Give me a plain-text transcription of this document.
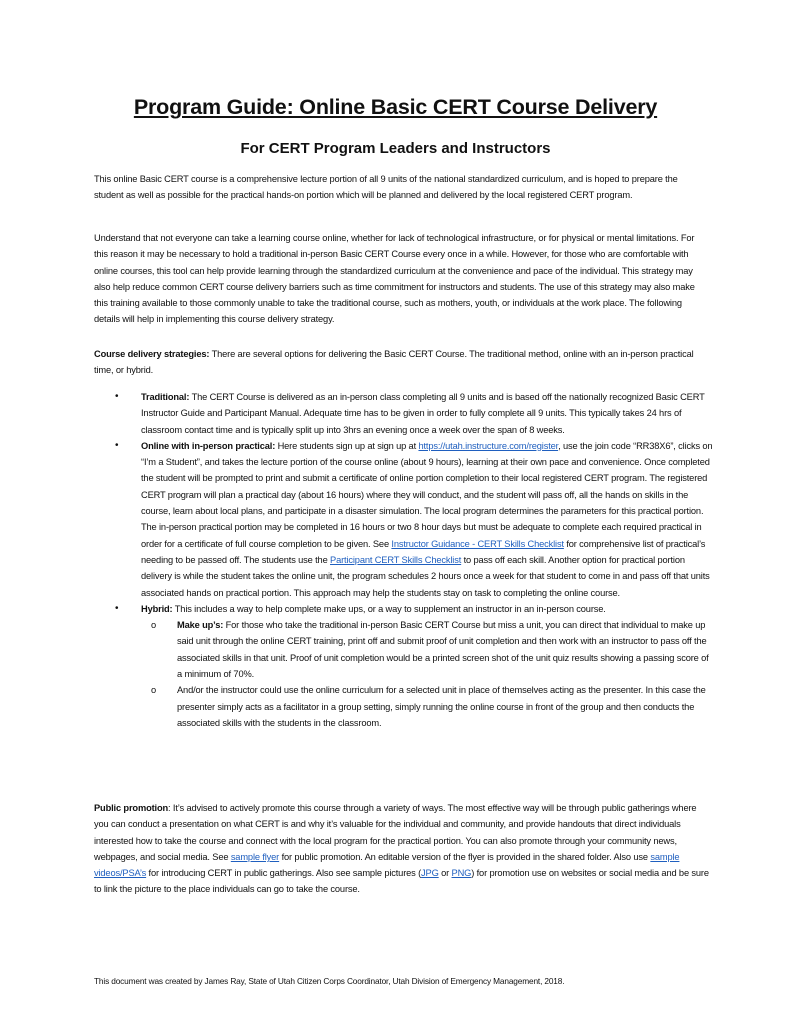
Program Guide: Online Basic CERT Course Delivery
For CERT Program Leaders and Instructors

This online Basic CERT course is a comprehensive lecture portion of all 9 units of the national standardized curriculum, and is hoped to prepare the student as well as possible for the practical hands-on portion which will be planned and delivered by the local registered CERT program.

Understand that not everyone can take a learning course online, whether for lack of technological infrastructure, or for physical or mental limitations. For this reason it may be necessary to hold a traditional in-person Basic CERT Course every once in a while. However, for those who are comfortable with online courses, this tool can help provide learning through the standardized curriculum at the convenience and pace of the individual. This strategy may also help reduce common CERT course delivery barriers such as time commitment for instructors and students. The use of this strategy may also make this training available to those commonly unable to take the traditional course, such as mothers, youth, or individuals at the work place. The following details will help in implementing this course delivery strategy.

Course delivery strategies: There are several options for delivering the Basic CERT Course. The traditional method, online with an in-person practical time, or hybrid.

• Traditional: The CERT Course is delivered as an in-person class completing all 9 units and is based off the nationally recognized Basic CERT Instructor Guide and Participant Manual. Adequate time has to be given in order to fully complete all 9 units. This typically takes 24 hrs of classroom contact time and is typically split up into 3hrs an evening once a week over the span of 8 weeks.
• Online with in-person practical: Here students sign up at sign up at https://utah.instructure.com/register, use the join code “RR38X6”, clicks on “I’m a Student”, and takes the lecture portion of the course online (about 9 hours), learning at their own pace and convenience. Once completed the student will be prompted to print and submit a certificate of online portion completion to their local registered CERT program. The registered CERT program will plan a practical day (about 16 hours) where they will conduct, and the student will pass off, all the hands on skills in the course, learn about local plans, and participate in a disaster simulation. The local program determines the parameters for this practical portion. The in-person practical portion may be completed in 16 hours or two 8 hour days but must be adequate to complete each required practical in order for a certificate of full course completion to be given. See Instructor Guidance - CERT Skills Checklist for comprehensive list of practical’s needing to be passed off. The students use the Participant CERT Skills Checklist to pass off each skill. Another option for practical portion delivery is while the student takes the online unit, the program schedules 2 hours once a week for that student to come in and pass off that units associated hands on practical portion. This approach may help the students stay on task to completing the online course.
• Hybrid: This includes a way to help complete make ups, or a way to supplement an instructor in an in-person course.
o Make up’s: For those who take the traditional in-person Basic CERT Course but miss a unit, you can direct that individual to make up said unit through the online CERT training, print off and submit proof of unit completion and then work with an instructor to pass off the associated skills in that unit. Proof of unit completion would be a printed screen shot of the unit quiz results showing a passing score of a minimum of 70%.
o And/or the instructor could use the online curriculum for a selected unit in place of themselves acting as the presenter. In this case the presenter simply acts as a facilitator in a group setting, simply running the online course in front of the group and then conducts the associated skills with the students in the classroom.

Public promotion: It’s advised to actively promote this course through a variety of ways. The most effective way will be through public gatherings where you can conduct a presentation on what CERT is and why it’s valuable for the individual and community, and provide handouts that direct individuals interested how to take the course and connect with the local program for the practical portion. You can also promote through your community news, webpages, and social media. See sample flyer for public promotion. An editable version of the flyer is provided in the shared folder. Also use sample videos/PSA’s for introducing CERT in public gatherings. Also see sample pictures (JPG or PNG) for promotion use on websites or social media and be sure to link the picture to the place individuals can go to take the course.

This document was created by James Ray, State of Utah Citizen Corps Coordinator, Utah Division of Emergency Management, 2018.
